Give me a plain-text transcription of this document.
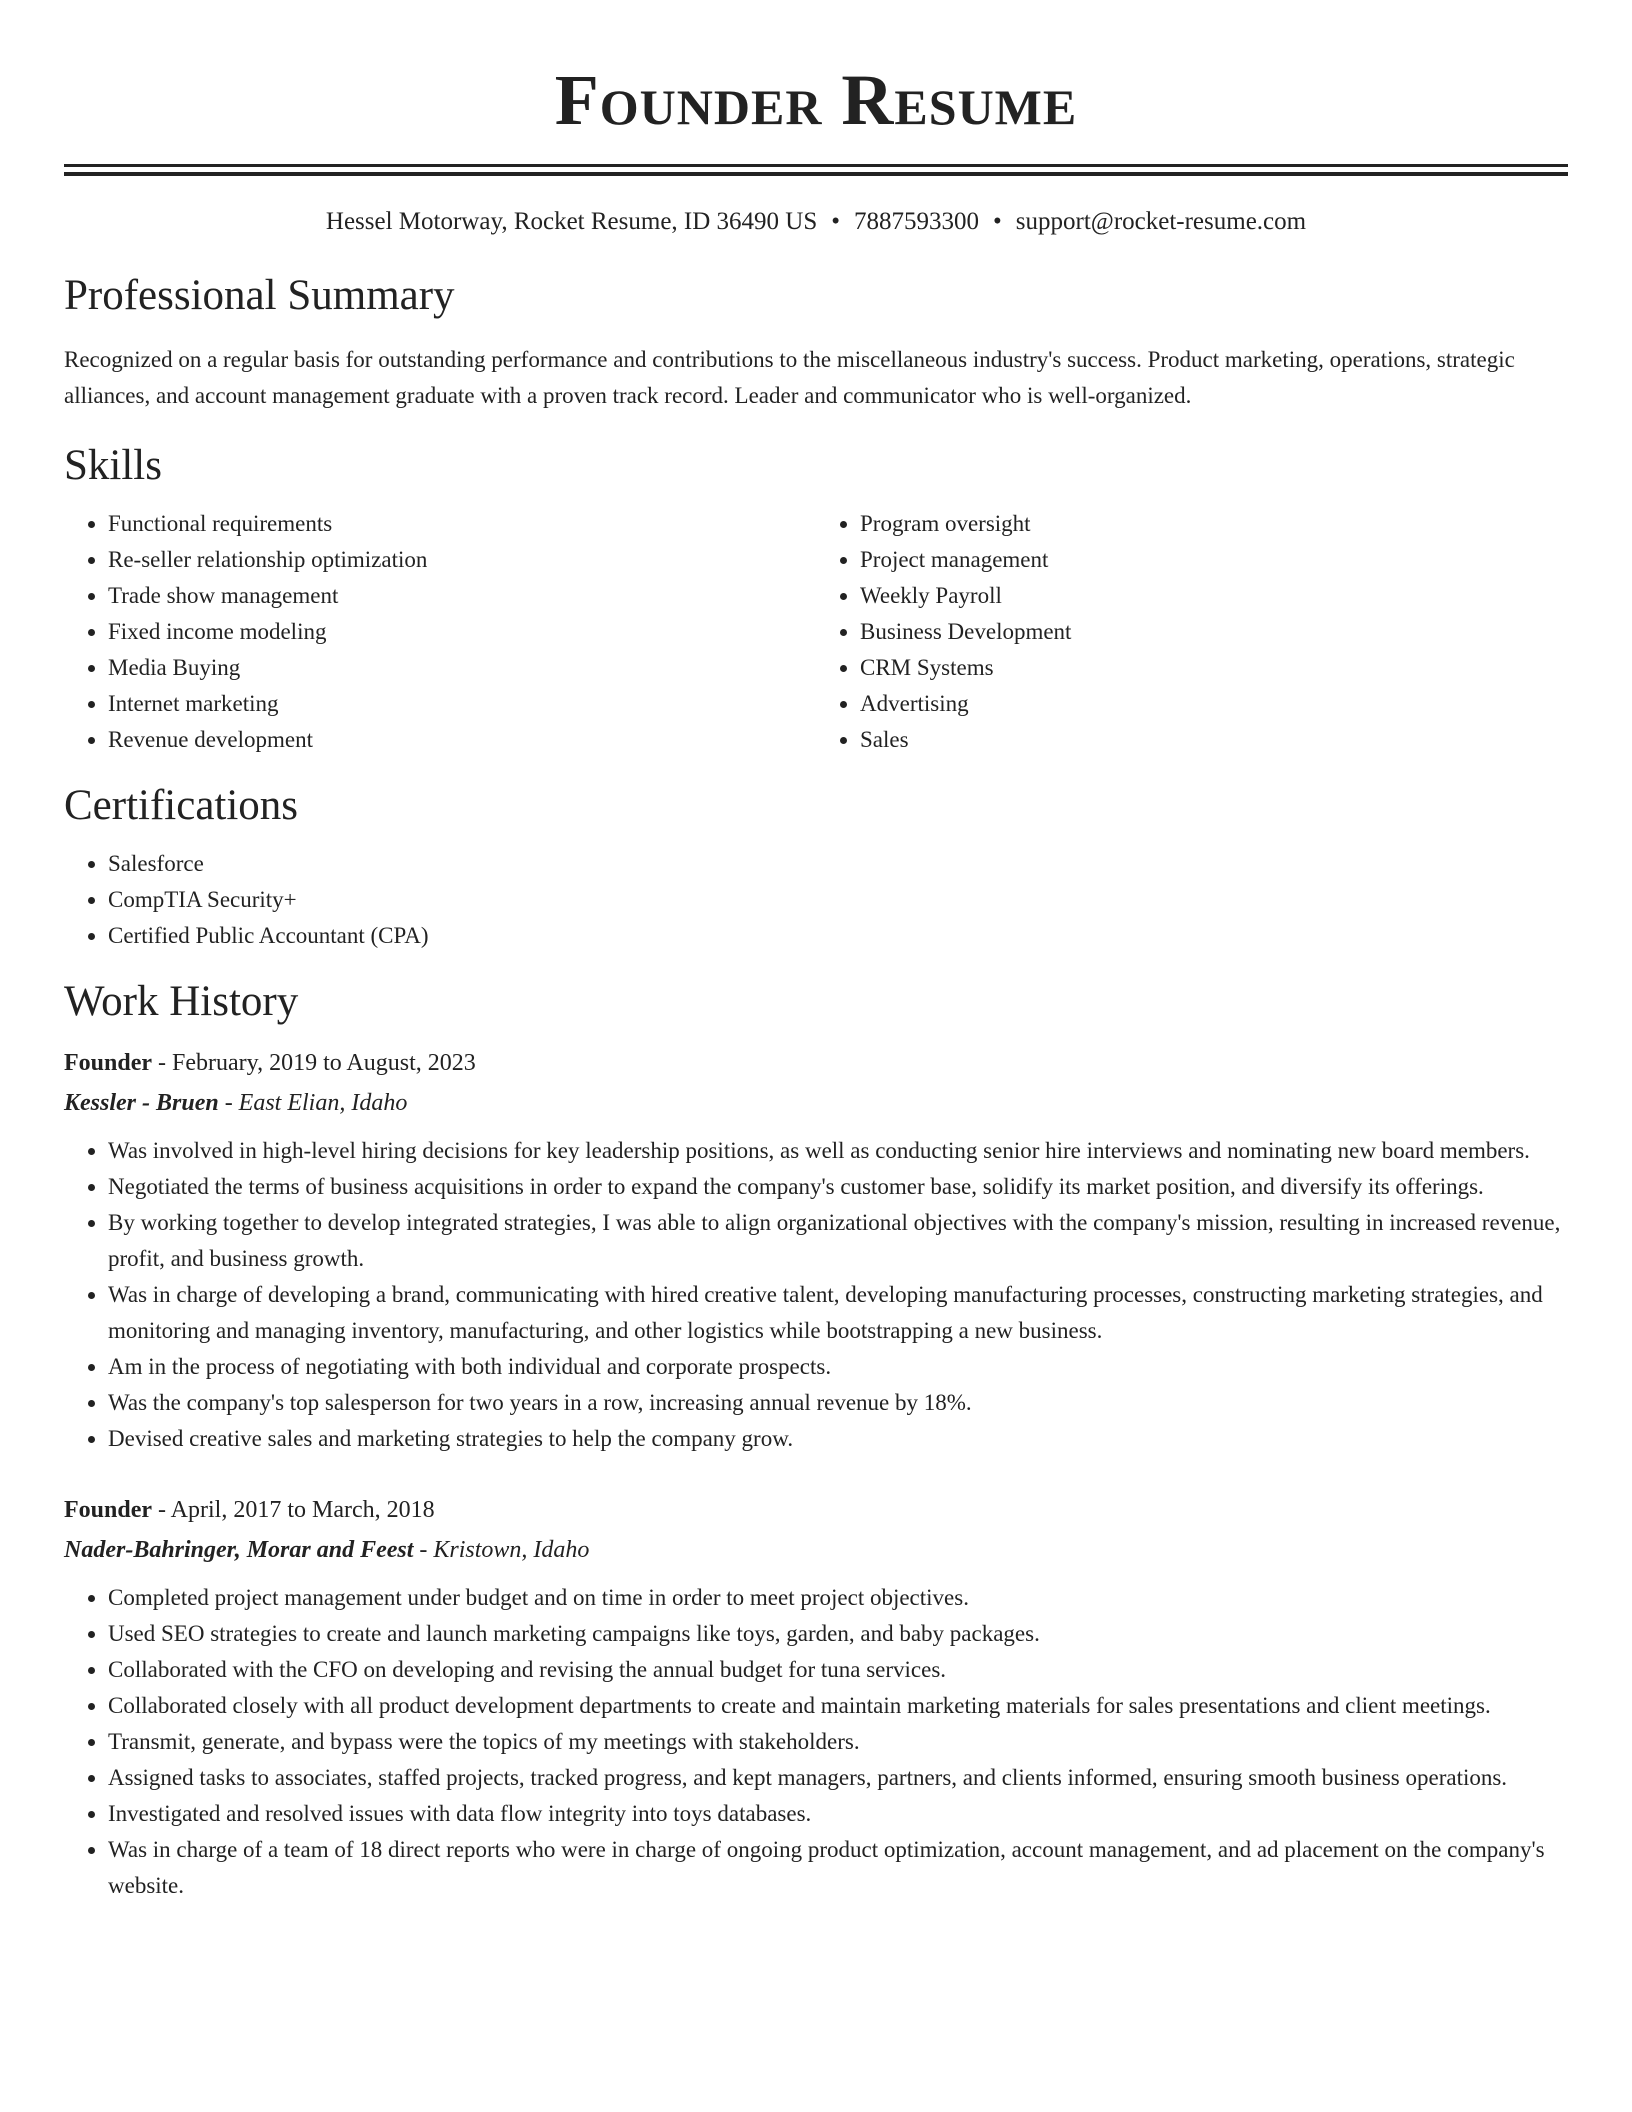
Founder Resume
Hessel Motorway, Rocket Resume, ID 36490 US • 7887593300 • support@rocket-resume.com
Professional Summary

Recognized on a regular basis for outstanding performance and contributions to the miscellaneous industry's success. Product marketing, operations, strategic alliances, and account management graduate with a proven track record. Leader and communicator who is well-organized.

Skills
• Functional requirements
• Re-seller relationship optimization
• Trade show management
• Fixed income modeling
• Media Buying
• Internet marketing
• Revenue development
• Program oversight
• Project management
• Weekly Payroll
• Business Development
• CRM Systems
• Advertising
• Sales
Certifications
• Salesforce
• CompTIA Security+
• Certified Public Accountant (CPA)
Work History
Founder - February, 2019 to August, 2023
Kessler - Bruen - East Elian, Idaho
• Was involved in high-level hiring decisions for key leadership positions, as well as conducting senior hire interviews and nominating new board members.
• Negotiated the terms of business acquisitions in order to expand the company's customer base, solidify its market position, and diversify its offerings.
• By working together to develop integrated strategies, I was able to align organizational objectives with the company's mission, resulting in increased revenue, profit, and business growth.
• Was in charge of developing a brand, communicating with hired creative talent, developing manufacturing processes, constructing marketing strategies, and monitoring and managing inventory, manufacturing, and other logistics while bootstrapping a new business.
• Am in the process of negotiating with both individual and corporate prospects.
• Was the company's top salesperson for two years in a row, increasing annual revenue by 18%.
• Devised creative sales and marketing strategies to help the company grow.
Founder - April, 2017 to March, 2018
Nader-Bahringer, Morar and Feest - Kristown, Idaho
• Completed project management under budget and on time in order to meet project objectives.
• Used SEO strategies to create and launch marketing campaigns like toys, garden, and baby packages.
• Collaborated with the CFO on developing and revising the annual budget for tuna services.
• Collaborated closely with all product development departments to create and maintain marketing materials for sales presentations and client meetings.
• Transmit, generate, and bypass were the topics of my meetings with stakeholders.
• Assigned tasks to associates, staffed projects, tracked progress, and kept managers, partners, and clients informed, ensuring smooth business operations.
• Investigated and resolved issues with data flow integrity into toys databases.
• Was in charge of a team of 18 direct reports who were in charge of ongoing product optimization, account management, and ad placement on the company's website.
